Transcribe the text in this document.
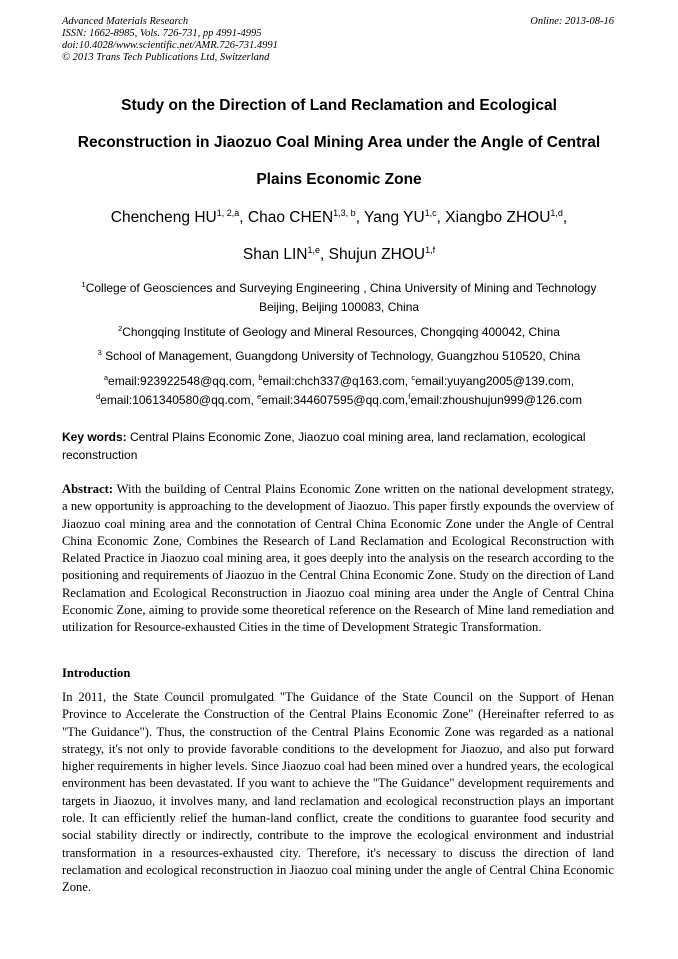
Advanced Materials Research
ISSN: 1662-8985, Vols. 726-731, pp 4991-4995
doi:10.4028/www.scientific.net/AMR.726-731.4991
© 2013 Trans Tech Publications Ltd, Switzerland
Online: 2013-08-16
Study on the Direction of Land Reclamation and Ecological
Reconstruction in Jiaozuo Coal Mining Area under the Angle of Central
Plains Economic Zone
Chencheng HU$^{1, 2,a}$, Chao CHEN$^{1,3, b}$, Yang YU$^{1,c}$, Xiangbo ZHOU$^{1,d}$,
Shan LIN$^{1,e}$, Shujun ZHOU$^{1,f}$
$^1$College of Geosciences and Surveying Engineering , China University of Mining and Technology
Beijing, Beijing 100083, China
$^2$Chongqing Institute of Geology and Mineral Resources, Chongqing 400042, China
$^3$ School of Management, Guangdong University of Technology, Guangzhou 510520, China
$^a$email:923922548@qq.com, $^b$email:chch337@q163.com, $^c$email:yuyang2005@139.com,
$^d$email:1061340580@qq.com, $^e$email:344607595@qq.com,$^f$email:zhoushujun999@126.com
Key words: Central Plains Economic Zone, Jiaozuo coal mining area, land reclamation, ecological reconstruction
Abstract: With the building of Central Plains Economic Zone written on the national development strategy, a new opportunity is approaching to the development of Jiaozuo. This paper firstly expounds the overview of Jiaozuo coal mining area and the connotation of Central China Economic Zone under the Angle of Central China Economic Zone, Combines the Research of Land Reclamation and Ecological Reconstruction with Related Practice in Jiaozuo coal mining area, it goes deeply into the analysis on the research according to the positioning and requirements of Jiaozuo in the Central China Economic Zone. Study on the direction of Land Reclamation and Ecological Reconstruction in Jiaozuo coal mining area under the Angle of Central China Economic Zone, aiming to provide some theoretical reference on the Research of Mine land remediation and utilization for Resource-exhausted Cities in the time of Development Strategic Transformation.
Introduction
In 2011, the State Council promulgated "The Guidance of the State Council on the Support of Henan Province to Accelerate the Construction of the Central Plains Economic Zone" (Hereinafter referred to as "The Guidance"). Thus, the construction of the Central Plains Economic Zone was regarded as a national strategy, it's not only to provide favorable conditions to the development for Jiaozuo, and also put forward higher requirements in higher levels. Since Jiaozuo coal had been mined over a hundred years, the ecological environment has been devastated. If you want to achieve the "The Guidance" development requirements and targets in Jiaozuo, it involves many, and land reclamation and ecological reconstruction plays an important role. It can efficiently relief the human-land conflict, create the conditions to guarantee food security and social stability directly or indirectly, contribute to the improve the ecological environment and industrial transformation in a resources-exhausted city. Therefore, it's necessary to discuss the direction of land reclamation and ecological reconstruction in Jiaozuo coal mining under the angle of Central China Economic Zone.
